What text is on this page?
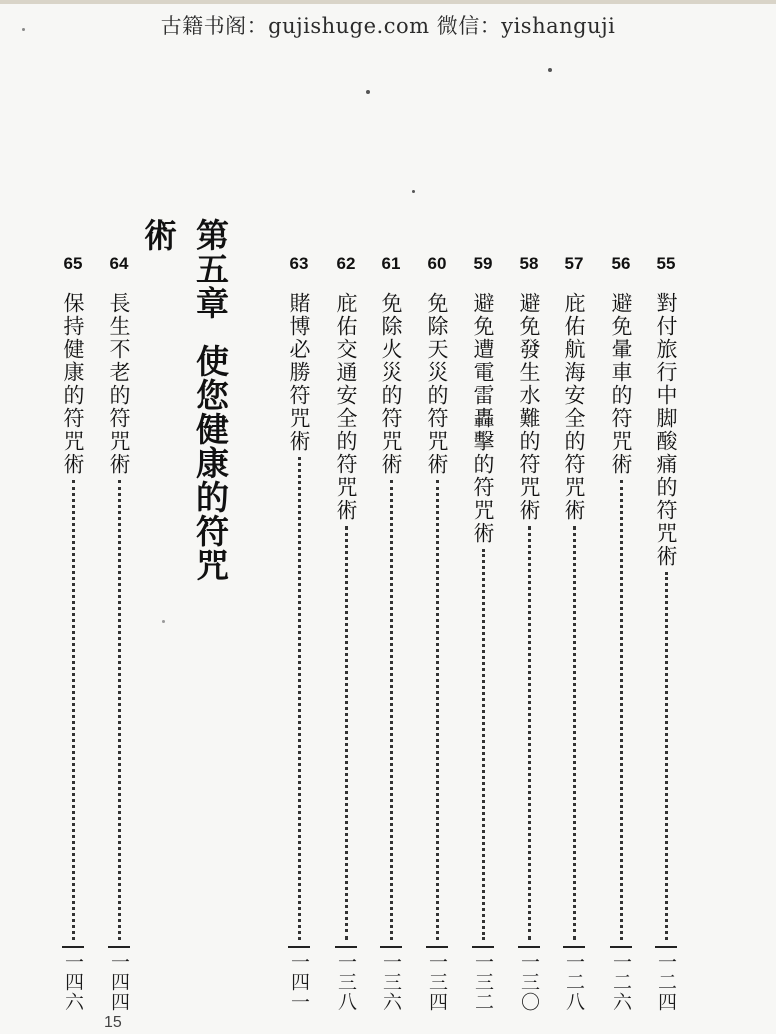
古籍书阁：gujishuge.com 微信：yishanguji
第五章使您健康的符咒術
55
對付旅行中脚酸痛的符咒術
一二四
56
避免暈車的符咒術
一二六
57
庇佑航海安全的符咒術
一二八
58
避免發生水難的符咒術
一三〇
59
避免遭電雷轟擊的符咒術
一三二
60
免除天災的符咒術
一三四
61
免除火災的符咒術
一三六
62
庇佑交通安全的符咒術
一三八
63
賭博必勝符咒術
一四一
64
長生不老的符咒術
一四四
65
保持健康的符咒術
一四六
15
